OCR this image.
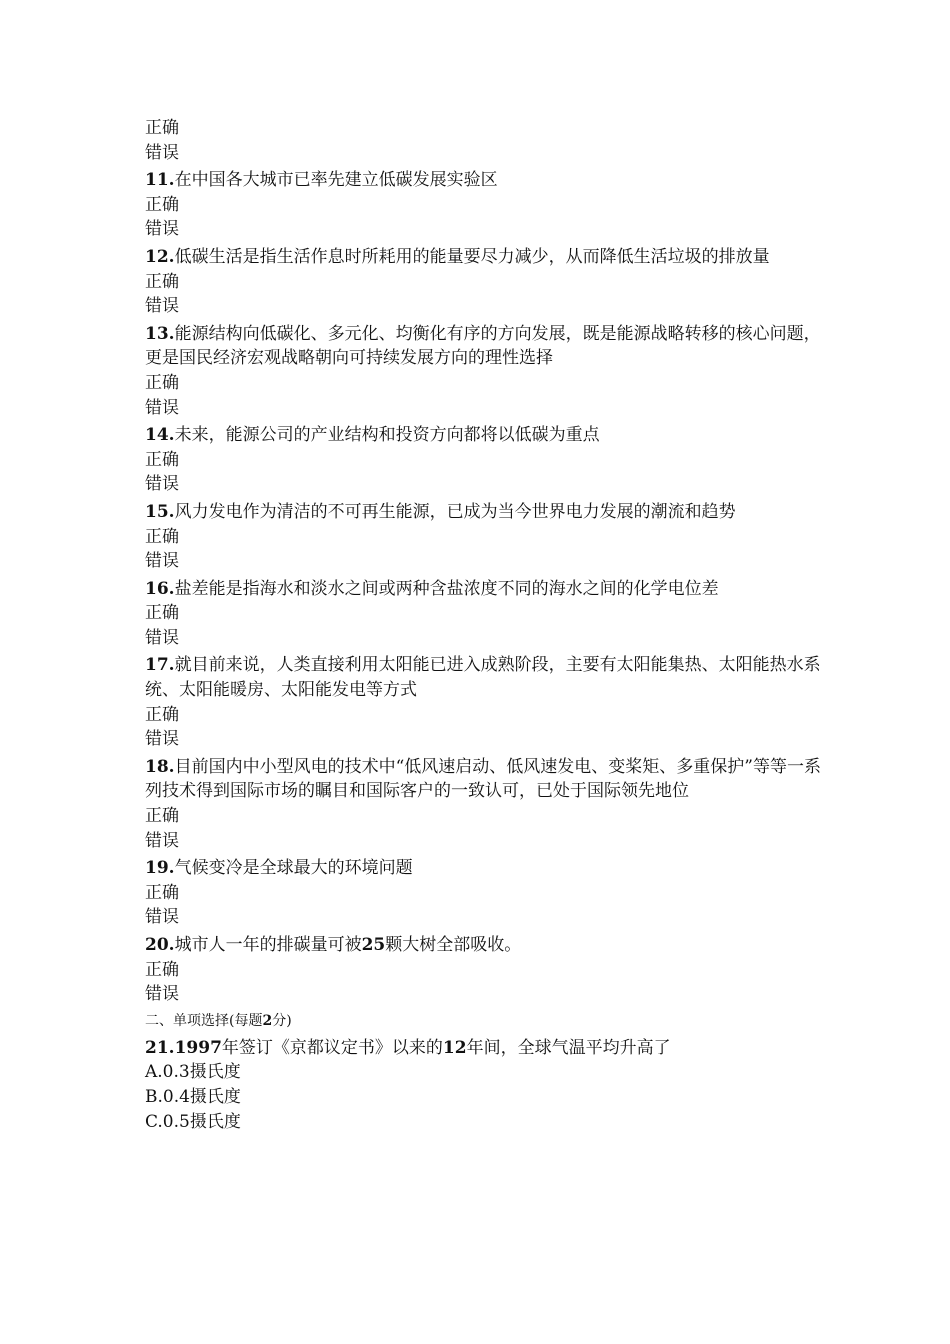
正确
错误
11.在中国各大城市已率先建立低碳发展实验区
正确
错误
12.低碳生活是指生活作息时所耗用的能量要尽力减少，从而降低生活垃圾的排放量
正确
错误
13.能源结构向低碳化、多元化、均衡化有序的方向发展，既是能源战略转移的核心问题，更是国民经济宏观战略朝向可持续发展方向的理性选择
正确
错误
14.未来，能源公司的产业结构和投资方向都将以低碳为重点
正确
错误
15.风力发电作为清洁的不可再生能源，已成为当今世界电力发展的潮流和趋势
正确
错误
16.盐差能是指海水和淡水之间或两种含盐浓度不同的海水之间的化学电位差
正确
错误
17.就目前来说，人类直接利用太阳能已进入成熟阶段，主要有太阳能集热、太阳能热水系统、太阳能暖房、太阳能发电等方式
正确
错误
18.目前国内中小型风电的技术中“低风速启动、低风速发电、变桨矩、多重保护”等等一系列技术得到国际市场的瞩目和国际客户的一致认可，已处于国际领先地位
正确
错误
19.气候变冷是全球最大的环境问题
正确
错误
20.城市人一年的排碳量可被25颗大树全部吸收。
正确
错误
二、单项选择(每题2分)
21.1997年签订《京都议定书》以来的12年间，全球气温平均升高了
A.0.3摄氏度
B.0.4摄氏度
C.0.5摄氏度
